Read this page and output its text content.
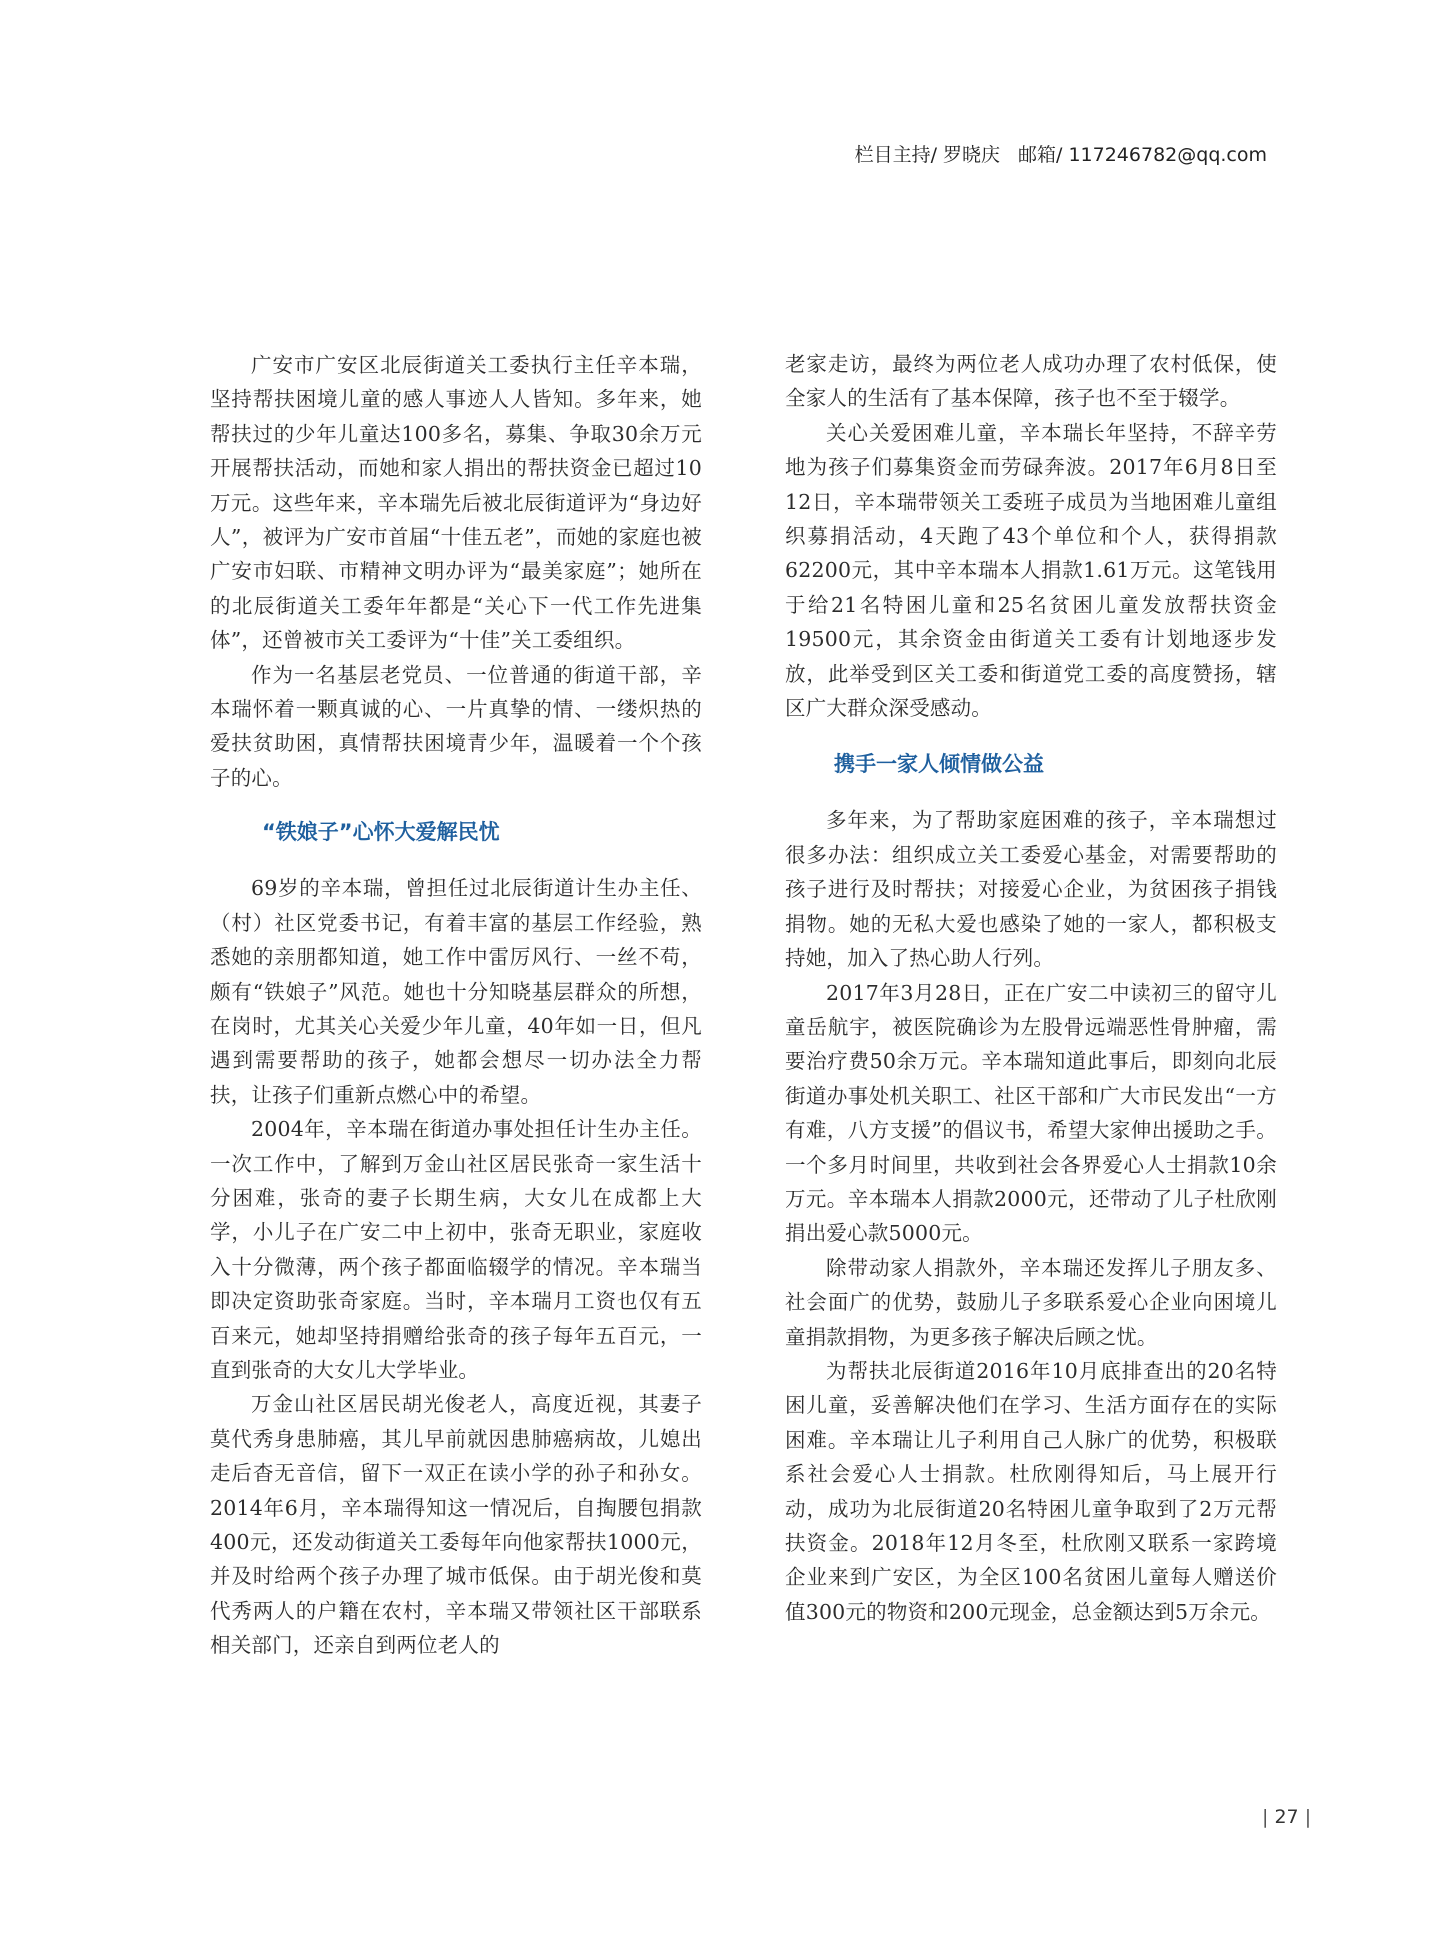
栏目主持/ 罗晓庆 邮箱/ 117246782@qq.com

广安市广安区北辰街道关工委执行主任辛本瑞，坚持帮扶困境儿童的感人事迹人人皆知。多年来，她帮扶过的少年儿童达100多名，募集、争取30余万元开展帮扶活动，而她和家人捐出的帮扶资金已超过10万元。这些年来，辛本瑞先后被北辰街道评为“身边好人”，被评为广安市首届“十佳五老”，而她的家庭也被广安市妇联、市精神文明办评为“最美家庭”；她所在的北辰街道关工委年年都是“关心下一代工作先进集体”，还曾被市关工委评为“十佳”关工委组织。

作为一名基层老党员、一位普通的街道干部，辛本瑞怀着一颗真诚的心、一片真挚的情、一缕炽热的爱扶贫助困，真情帮扶困境青少年，温暖着一个个孩子的心。

“铁娘子”心怀大爱解民忧

69岁的辛本瑞，曾担任过北辰街道计生办主任、（村）社区党委书记，有着丰富的基层工作经验，熟悉她的亲朋都知道，她工作中雷厉风行、一丝不苟，颇有“铁娘子”风范。她也十分知晓基层群众的所想，在岗时，尤其关心关爱少年儿童，40年如一日，但凡遇到需要帮助的孩子，她都会想尽一切办法全力帮扶，让孩子们重新点燃心中的希望。

2004年，辛本瑞在街道办事处担任计生办主任。一次工作中，了解到万金山社区居民张奇一家生活十分困难，张奇的妻子长期生病，大女儿在成都上大学，小儿子在广安二中上初中，张奇无职业，家庭收入十分微薄，两个孩子都面临辍学的情况。辛本瑞当即决定资助张奇家庭。当时，辛本瑞月工资也仅有五百来元，她却坚持捐赠给张奇的孩子每年五百元，一直到张奇的大女儿大学毕业。

万金山社区居民胡光俊老人，高度近视，其妻子莫代秀身患肺癌，其儿早前就因患肺癌病故，儿媳出走后杳无音信，留下一双正在读小学的孙子和孙女。2014年6月，辛本瑞得知这一情况后，自掏腰包捐款400元，还发动街道关工委每年向他家帮扶1000元，并及时给两个孩子办理了城市低保。由于胡光俊和莫代秀两人的户籍在农村，辛本瑞又带领社区干部联系相关部门，还亲自到两位老人的

老家走访，最终为两位老人成功办理了农村低保，使全家人的生活有了基本保障，孩子也不至于辍学。

关心关爱困难儿童，辛本瑞长年坚持，不辞辛劳地为孩子们募集资金而劳碌奔波。2017年6月8日至12日，辛本瑞带领关工委班子成员为当地困难儿童组织募捐活动，4天跑了43个单位和个人，获得捐款62200元，其中辛本瑞本人捐款1.61万元。这笔钱用于给21名特困儿童和25名贫困儿童发放帮扶资金19500元，其余资金由街道关工委有计划地逐步发放，此举受到区关工委和街道党工委的高度赞扬，辖区广大群众深受感动。

携手一家人倾情做公益

多年来，为了帮助家庭困难的孩子，辛本瑞想过很多办法：组织成立关工委爱心基金，对需要帮助的孩子进行及时帮扶；对接爱心企业，为贫困孩子捐钱捐物。她的无私大爱也感染了她的一家人，都积极支持她，加入了热心助人行列。

2017年3月28日，正在广安二中读初三的留守儿童岳航宇，被医院确诊为左股骨远端恶性骨肿瘤，需要治疗费50余万元。辛本瑞知道此事后，即刻向北辰街道办事处机关职工、社区干部和广大市民发出“一方有难，八方支援”的倡议书，希望大家伸出援助之手。一个多月时间里，共收到社会各界爱心人士捐款10余万元。辛本瑞本人捐款2000元，还带动了儿子杜欣刚捐出爱心款5000元。

除带动家人捐款外，辛本瑞还发挥儿子朋友多、社会面广的优势，鼓励儿子多联系爱心企业向困境儿童捐款捐物，为更多孩子解决后顾之忧。

为帮扶北辰街道2016年10月底排查出的20名特困儿童，妥善解决他们在学习、生活方面存在的实际困难。辛本瑞让儿子利用自己人脉广的优势，积极联系社会爱心人士捐款。杜欣刚得知后，马上展开行动，成功为北辰街道20名特困儿童争取到了2万元帮扶资金。2018年12月冬至，杜欣刚又联系一家跨境企业来到广安区，为全区100名贫困儿童每人赠送价值300元的物资和200元现金，总金额达到5万余元。

| 27 |
